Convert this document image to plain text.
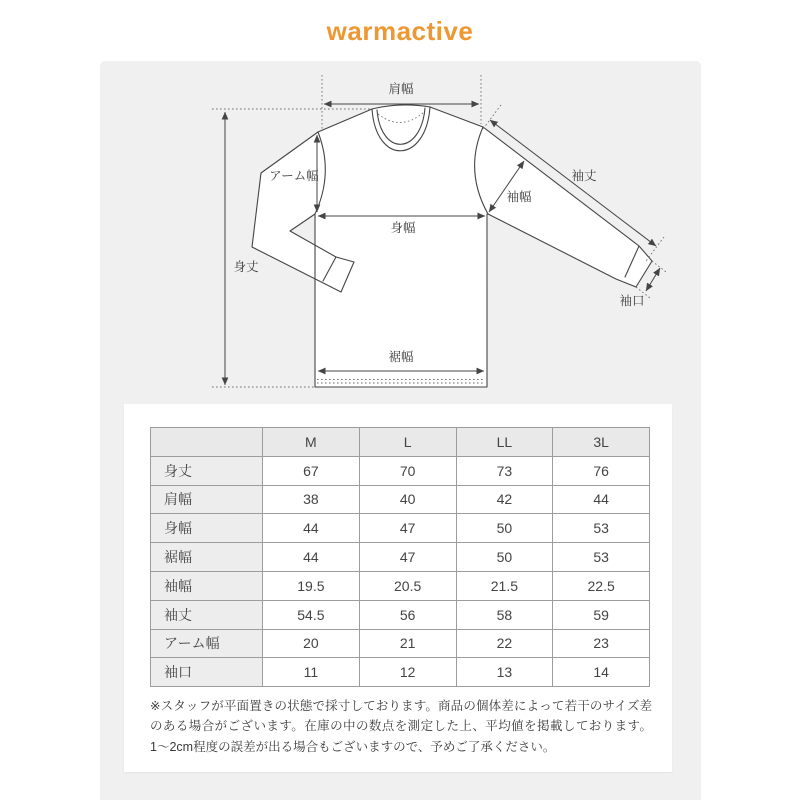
warmactive
肩幅
身丈
アーム幅
身幅
裾幅
袖丈
袖幅
袖口
	M	L	LL	3L
身丈	67	70	73	76
肩幅	38	40	42	44
身幅	44	47	50	53
裾幅	44	47	50	53
袖幅	19.5	20.5	21.5	22.5
袖丈	54.5	56	58	59
アーム幅	20	21	22	23
袖口	11	12	13	14

※スタッフが平面置きの状態で採寸しております。商品の個体差によって若干のサイズ差のある場合がございます。在庫の中の数点を測定した上、平均値を掲載しております。1〜2cm程度の誤差が出る場合もございますので、予めご了承ください。
